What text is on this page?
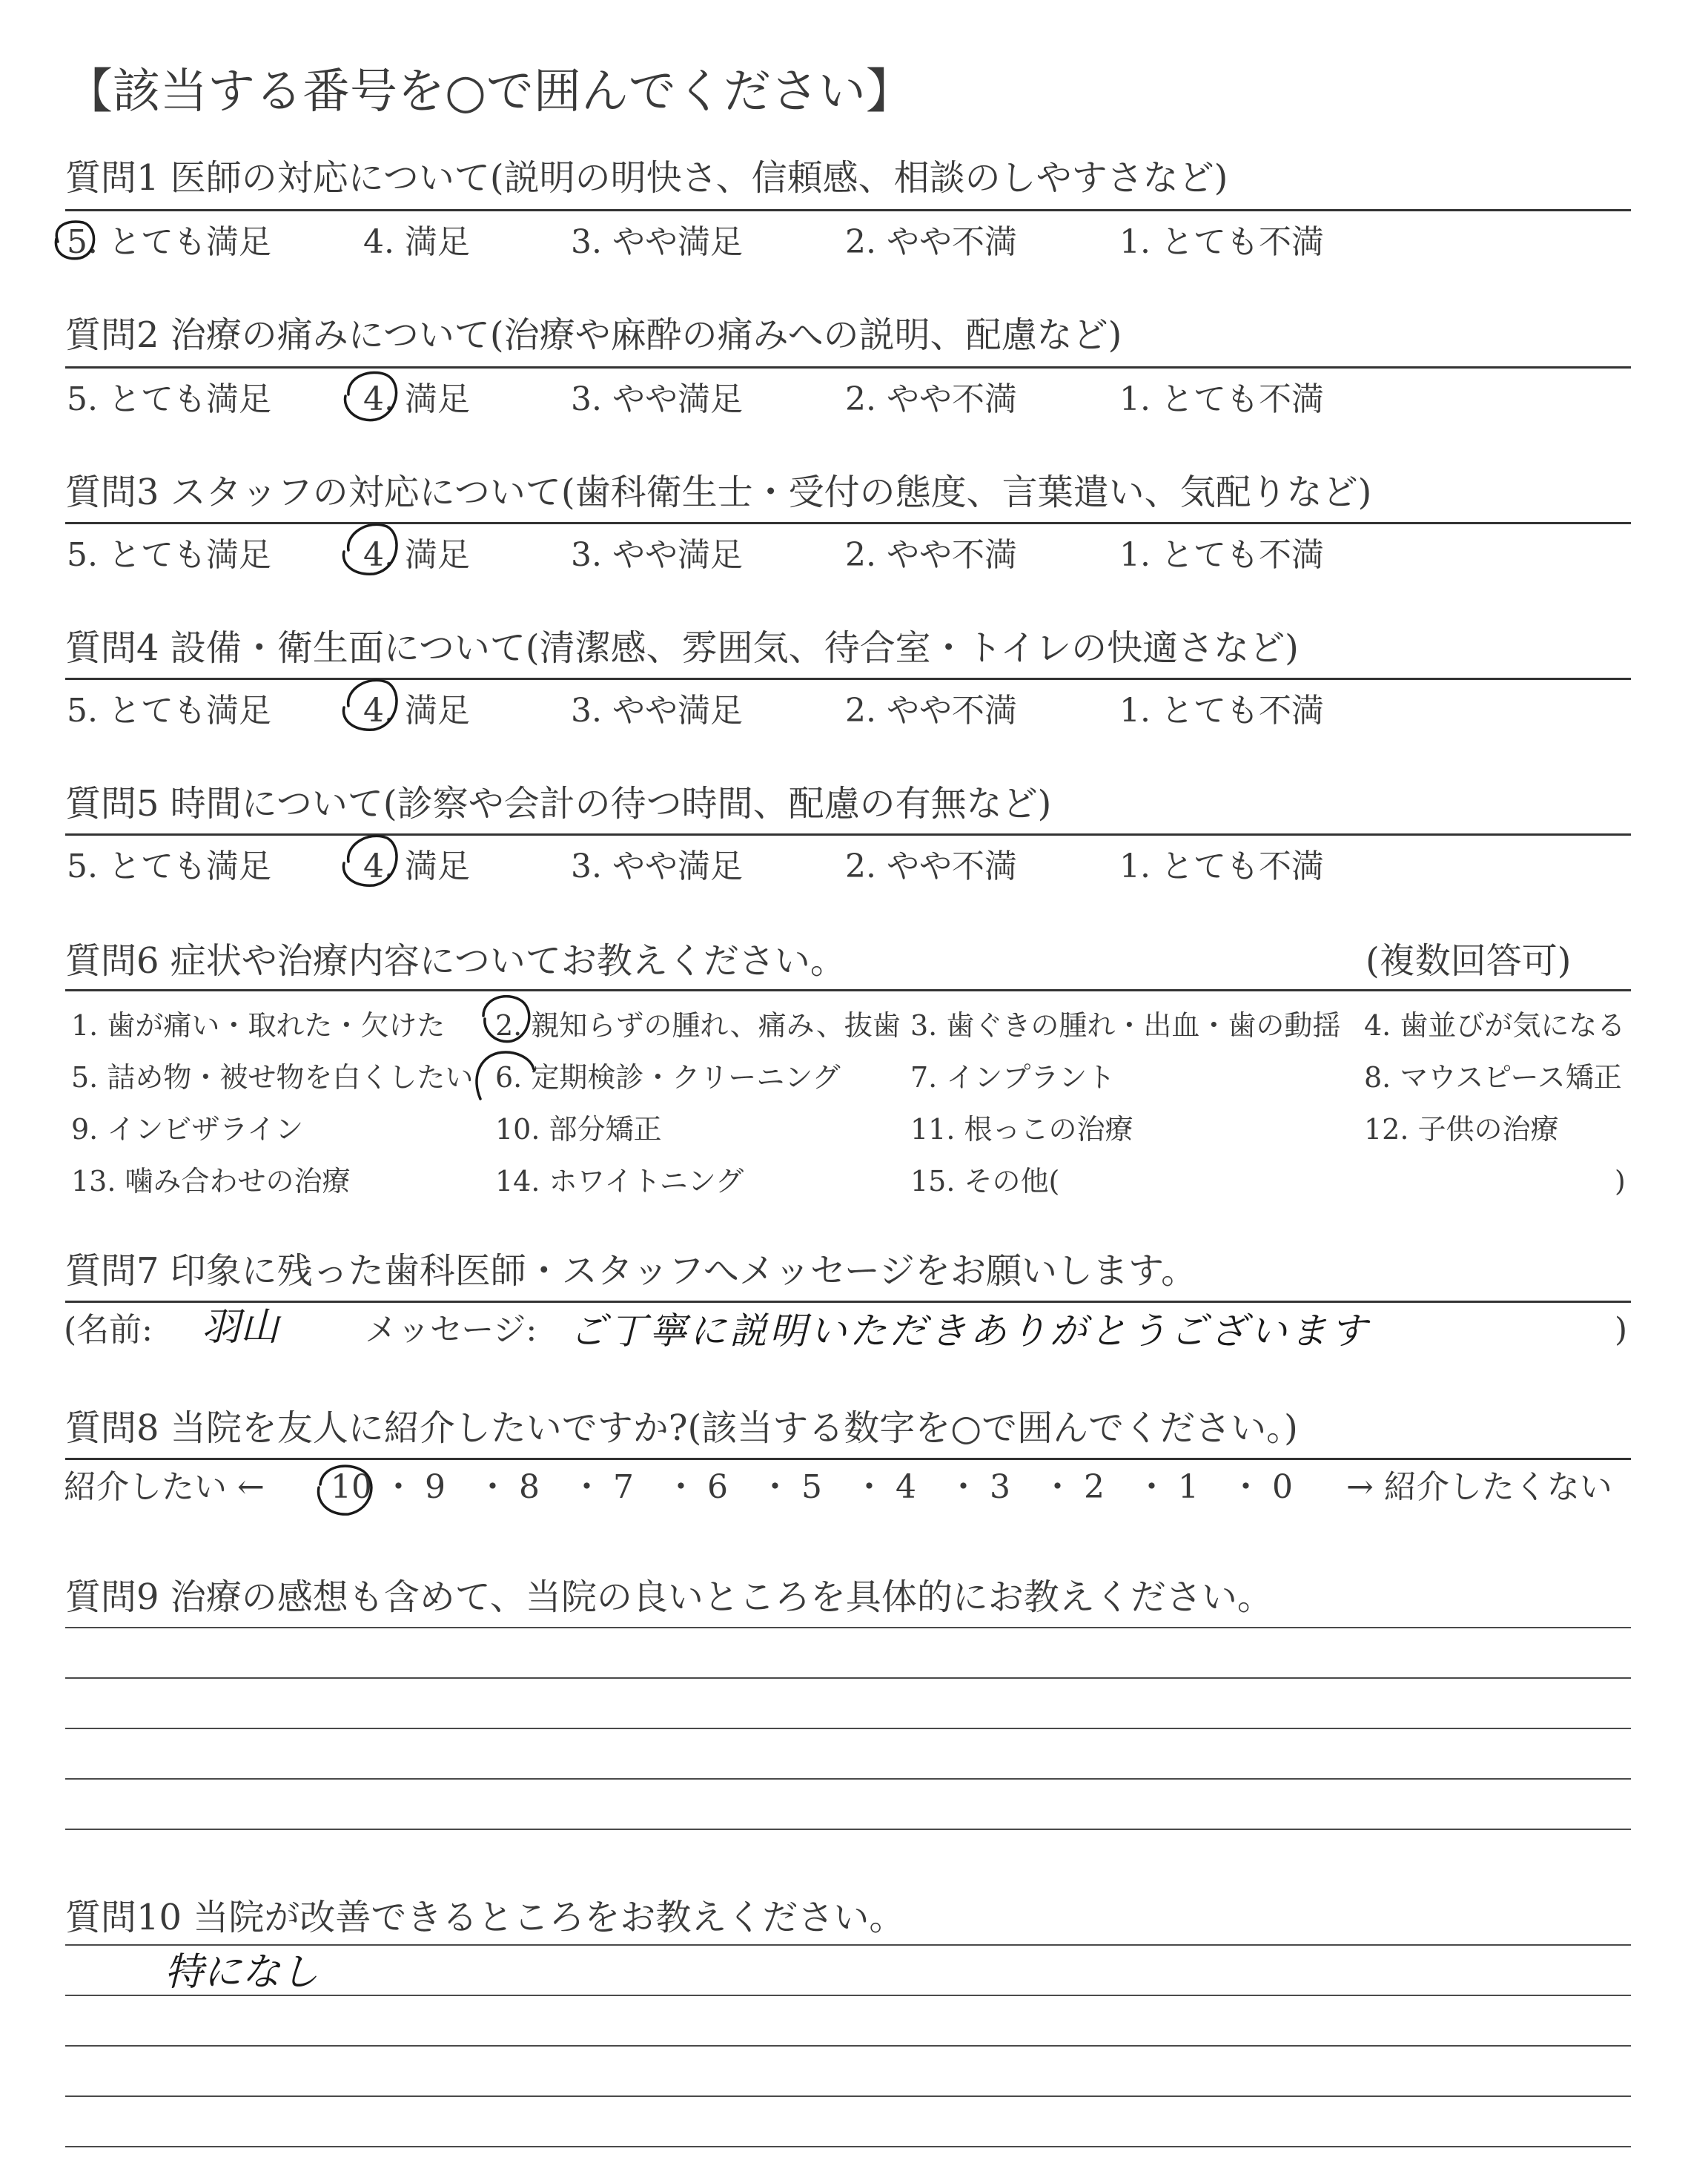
【該当する番号を○で囲んでください】
質問1 医師の対応について(説明の明快さ、信頼感、相談のしやすさなど)
5. とても満足	4. 満足	3. やや満足	2. やや不満	1. とても不満
質問2 治療の痛みについて(治療や麻酔の痛みへの説明、配慮など)
5. とても満足	4. 満足	3. やや満足	2. やや不満	1. とても不満
質問3 スタッフの対応について(歯科衛生士・受付の態度、言葉遣い、気配りなど)
5. とても満足	4. 満足	3. やや満足	2. やや不満	1. とても不満
質問4 設備・衛生面について(清潔感、雰囲気、待合室・トイレの快適さなど)
5. とても満足	4. 満足	3. やや満足	2. やや不満	1. とても不満
質問5 時間について(診察や会計の待つ時間、配慮の有無など)
5. とても満足	4. 満足	3. やや満足	2. やや不満	1. とても不満
質問6 症状や治療内容についてお教えください。	(複数回答可)
1. 歯が痛い・取れた・欠けた 2. 親知らずの腫れ、痛み、抜歯 3. 歯ぐきの腫れ・出血・歯の動揺 4. 歯並びが気になる
5. 詰め物・被せ物を白くしたい 6. 定期検診・クリーニング 7. インプラント	8. マウスピース矯正
9. インビザライン	10. 部分矯正	11. 根っこの治療	12. 子供の治療
13. 噛み合わせの治療	14. ホワイトニング	15. その他(	)
質問7 印象に残った歯科医師・スタッフへメッセージをお願いします。
(名前: 羽山	メッセージ: ご丁寧に説明いただきありがとうございます	)
質問8 当院を友人に紹介したいですか?(該当する数字を○で囲んでください。)
紹介したい ← 10 ・ 9 ・ 8 ・ 7 ・ 6 ・ 5 ・ 4 ・ 3 ・ 2 ・ 1 ・ 0 → 紹介したくない
質問9 治療の感想も含めて、当院の良いところを具体的にお教えください。
質問10 当院が改善できるところをお教えください。
特になし
